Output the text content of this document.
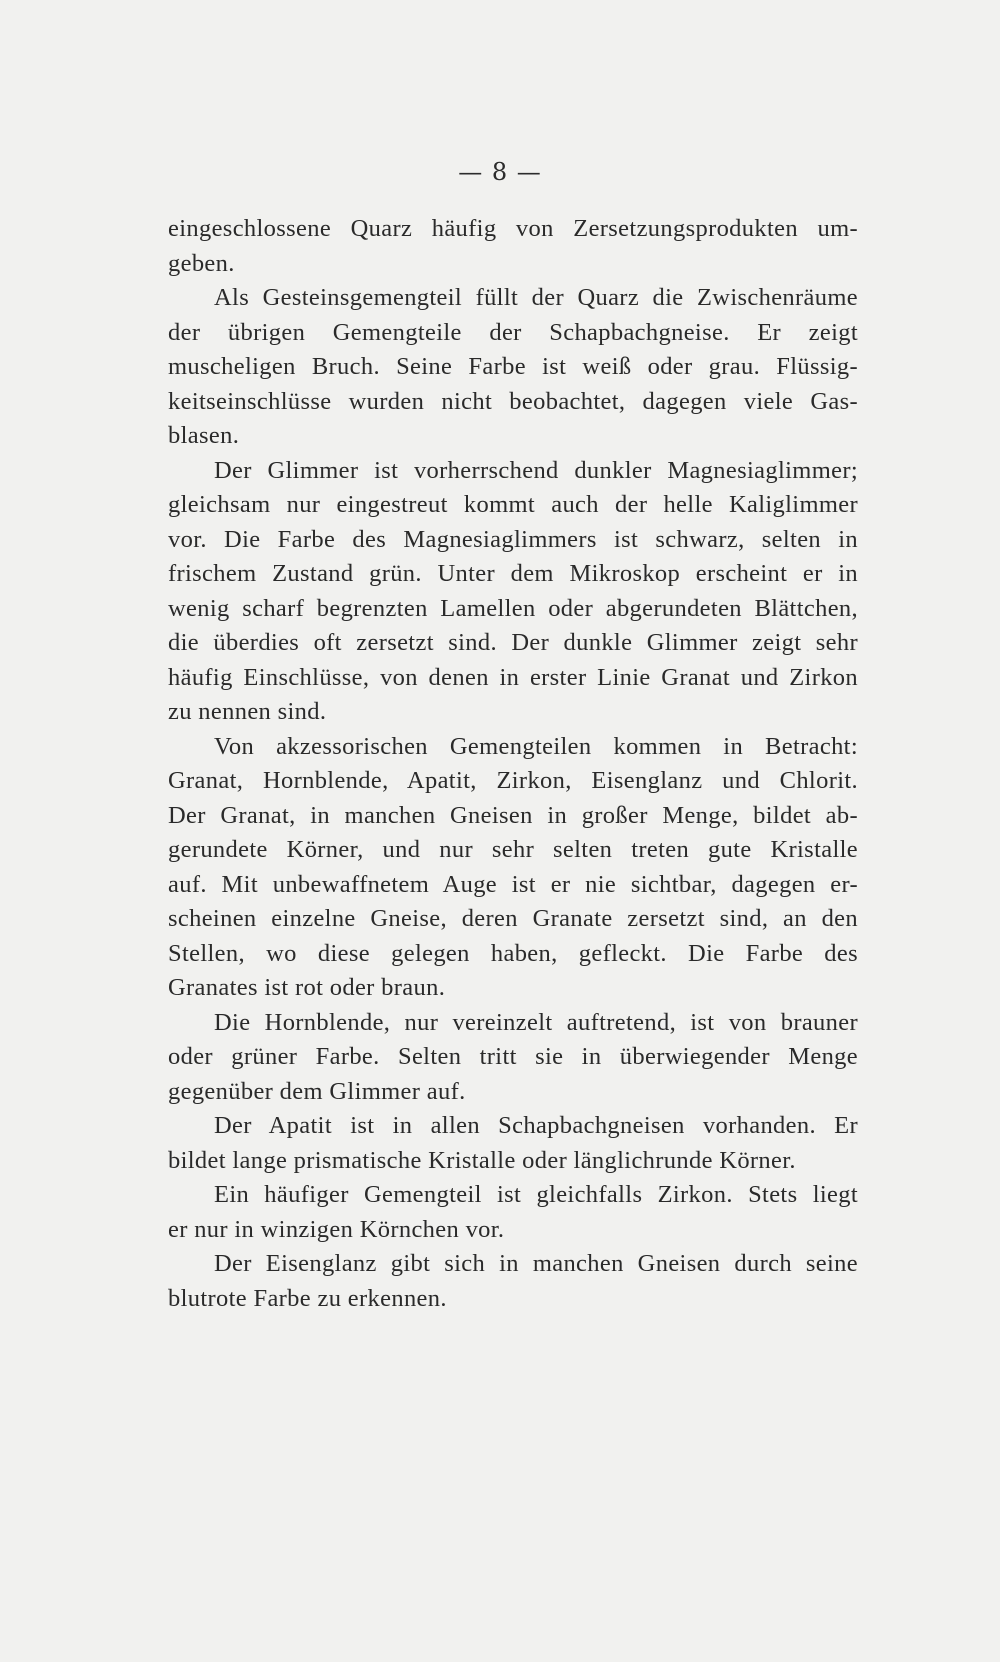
— 8 —
eingeschlossene Quarz häufig von Zersetzungsprodukten um-
geben.
Als Gesteinsgemengteil füllt der Quarz die Zwischenräume
der übrigen Gemengteile der Schapbachgneise. Er zeigt
muscheligen Bruch. Seine Farbe ist weiß oder grau. Flüssig-
keitseinschlüsse wurden nicht beobachtet, dagegen viele Gas-
blasen.
Der Glimmer ist vorherrschend dunkler Magnesiaglimmer;
gleichsam nur eingestreut kommt auch der helle Kaliglimmer
vor. Die Farbe des Magnesiaglimmers ist schwarz, selten in
frischem Zustand grün. Unter dem Mikroskop erscheint er in
wenig scharf begrenzten Lamellen oder abgerundeten Blättchen,
die überdies oft zersetzt sind. Der dunkle Glimmer zeigt sehr
häufig Einschlüsse, von denen in erster Linie Granat und Zirkon
zu nennen sind.
Von akzessorischen Gemengteilen kommen in Betracht:
Granat, Hornblende, Apatit, Zirkon, Eisenglanz und Chlorit.
Der Granat, in manchen Gneisen in großer Menge, bildet ab-
gerundete Körner, und nur sehr selten treten gute Kristalle
auf. Mit unbewaffnetem Auge ist er nie sichtbar, dagegen er-
scheinen einzelne Gneise, deren Granate zersetzt sind, an den
Stellen, wo diese gelegen haben, gefleckt. Die Farbe des
Granates ist rot oder braun.
Die Hornblende, nur vereinzelt auftretend, ist von brauner
oder grüner Farbe. Selten tritt sie in überwiegender Menge
gegenüber dem Glimmer auf.
Der Apatit ist in allen Schapbachgneisen vorhanden. Er
bildet lange prismatische Kristalle oder länglichrunde Körner.
Ein häufiger Gemengteil ist gleichfalls Zirkon. Stets liegt
er nur in winzigen Körnchen vor.
Der Eisenglanz gibt sich in manchen Gneisen durch seine
blutrote Farbe zu erkennen.
